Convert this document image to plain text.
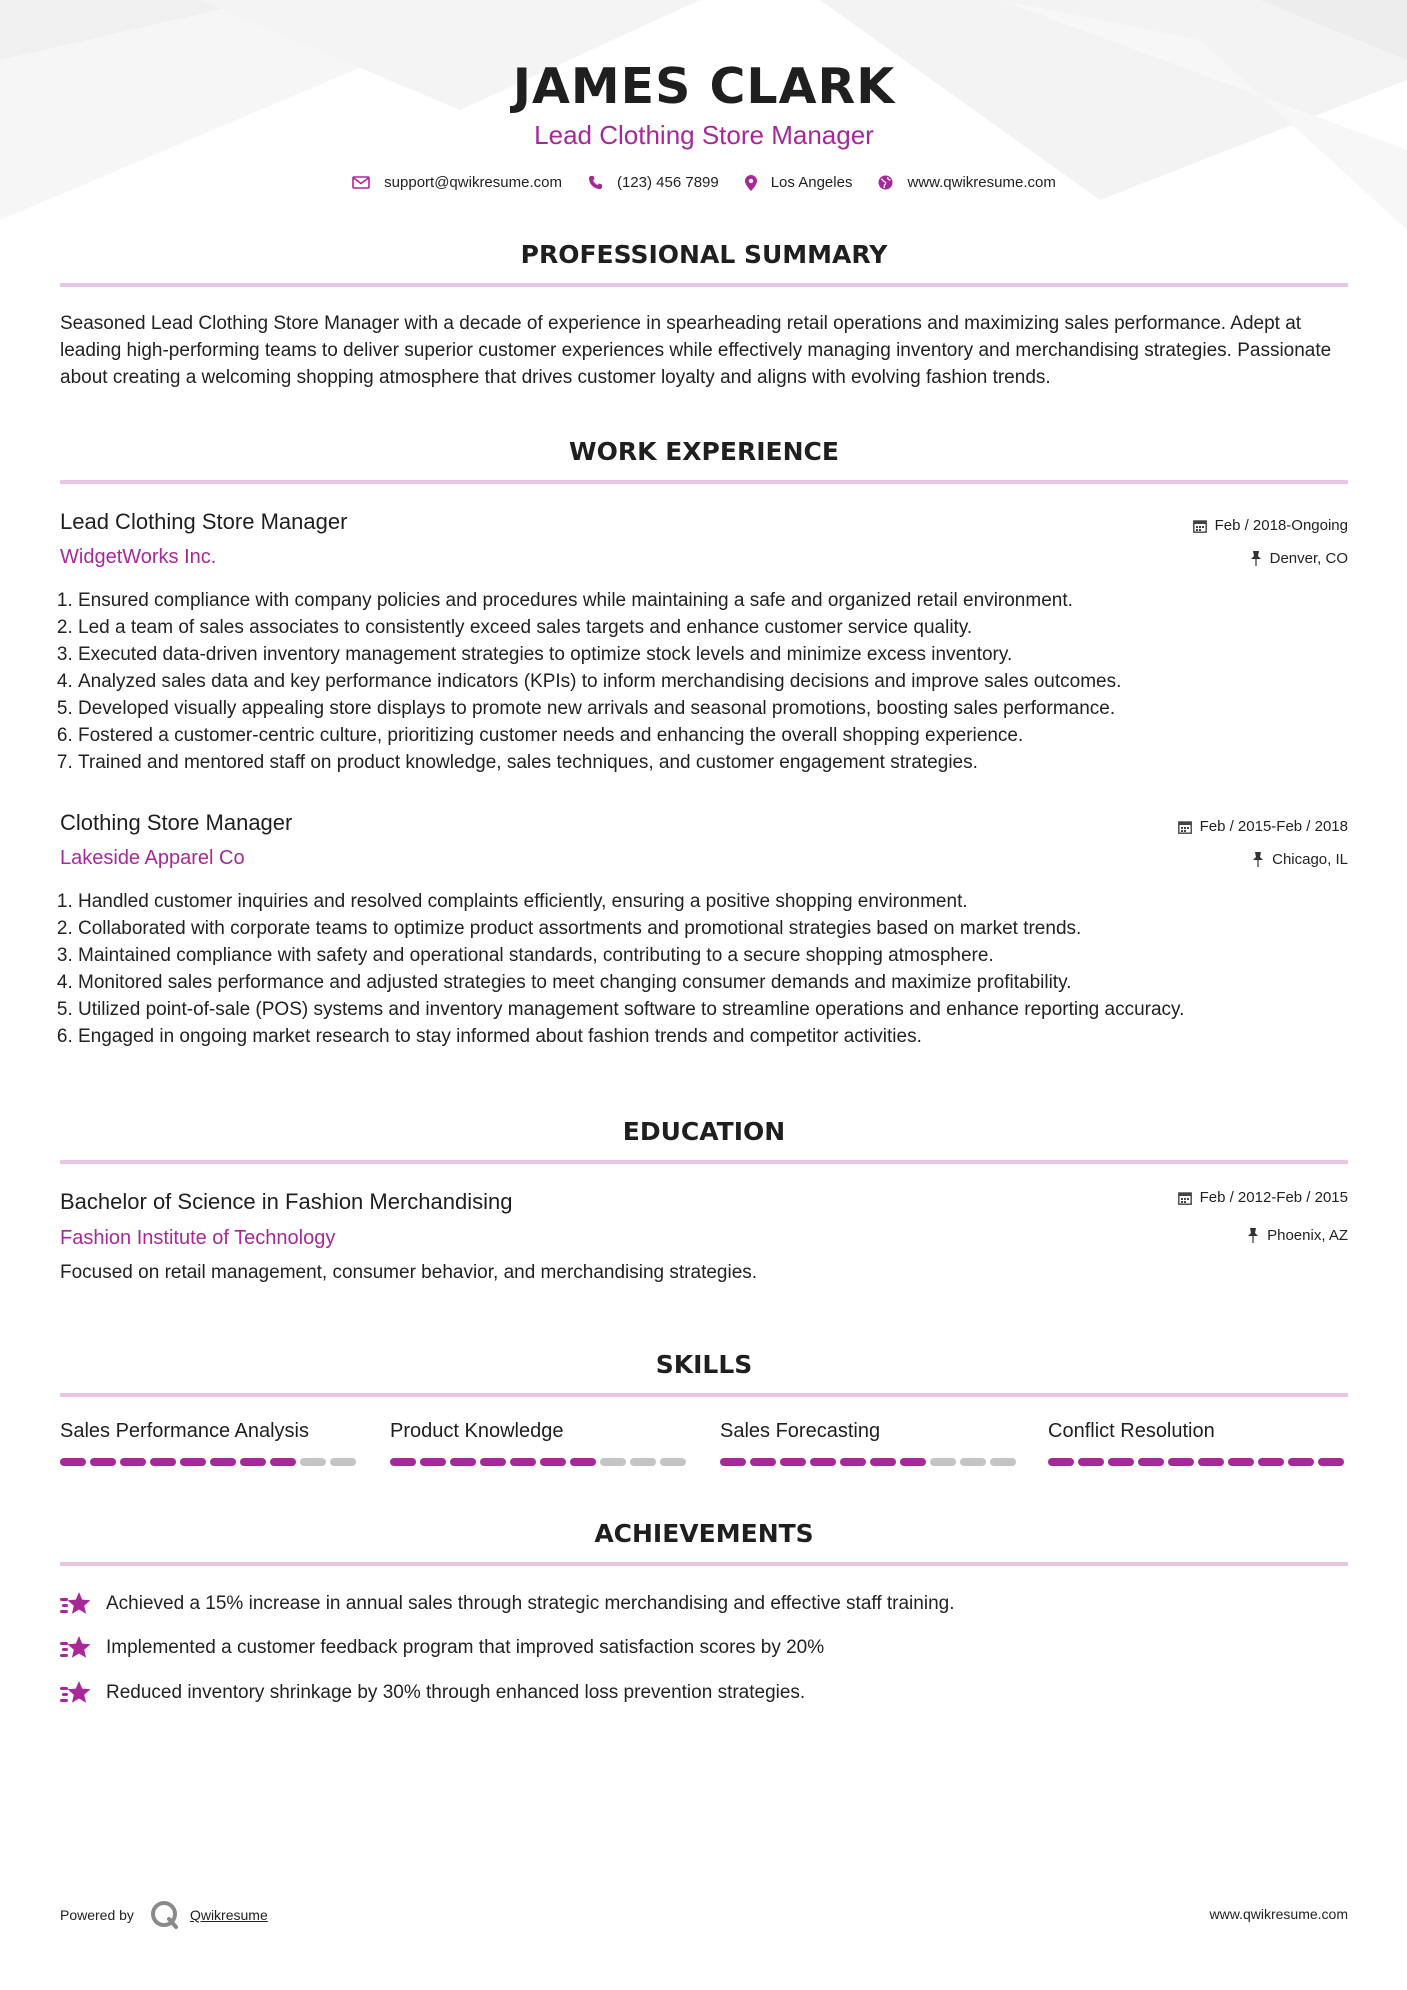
JAMES CLARK
Lead Clothing Store Manager
support@qwikresume.com	(123) 456 7899	Los Angeles	www.qwikresume.com
PROFESSIONAL SUMMARY
Seasoned Lead Clothing Store Manager with a decade of experience in spearheading retail operations and maximizing sales performance. Adept at leading high-performing teams to deliver superior customer experiences while effectively managing inventory and merchandising strategies. Passionate about creating a welcoming shopping atmosphere that drives customer loyalty and aligns with evolving fashion trends.
WORK EXPERIENCE
Lead Clothing Store Manager
WidgetWorks Inc.
Feb / 2018-Ongoing
Denver, CO
1. Ensured compliance with company policies and procedures while maintaining a safe and organized retail environment.
2. Led a team of sales associates to consistently exceed sales targets and enhance customer service quality.
3. Executed data-driven inventory management strategies to optimize stock levels and minimize excess inventory.
4. Analyzed sales data and key performance indicators (KPIs) to inform merchandising decisions and improve sales outcomes.
5. Developed visually appealing store displays to promote new arrivals and seasonal promotions, boosting sales performance.
6. Fostered a customer-centric culture, prioritizing customer needs and enhancing the overall shopping experience.
7. Trained and mentored staff on product knowledge, sales techniques, and customer engagement strategies.
Clothing Store Manager
Lakeside Apparel Co
Feb / 2015-Feb / 2018
Chicago, IL
1. Handled customer inquiries and resolved complaints efficiently, ensuring a positive shopping environment.
2. Collaborated with corporate teams to optimize product assortments and promotional strategies based on market trends.
3. Maintained compliance with safety and operational standards, contributing to a secure shopping atmosphere.
4. Monitored sales performance and adjusted strategies to meet changing consumer demands and maximize profitability.
5. Utilized point-of-sale (POS) systems and inventory management software to streamline operations and enhance reporting accuracy.
6. Engaged in ongoing market research to stay informed about fashion trends and competitor activities.
EDUCATION
Bachelor of Science in Fashion Merchandising
Fashion Institute of Technology
Feb / 2012-Feb / 2015
Phoenix, AZ
Focused on retail management, consumer behavior, and merchandising strategies.
SKILLS
Sales Performance Analysis	Product Knowledge	Sales Forecasting	Conflict Resolution
ACHIEVEMENTS
Achieved a 15% increase in annual sales through strategic merchandising and effective staff training.
Implemented a customer feedback program that improved satisfaction scores by 20%
Reduced inventory shrinkage by 30% through enhanced loss prevention strategies.
Powered by	Qwikresume	www.qwikresume.com
